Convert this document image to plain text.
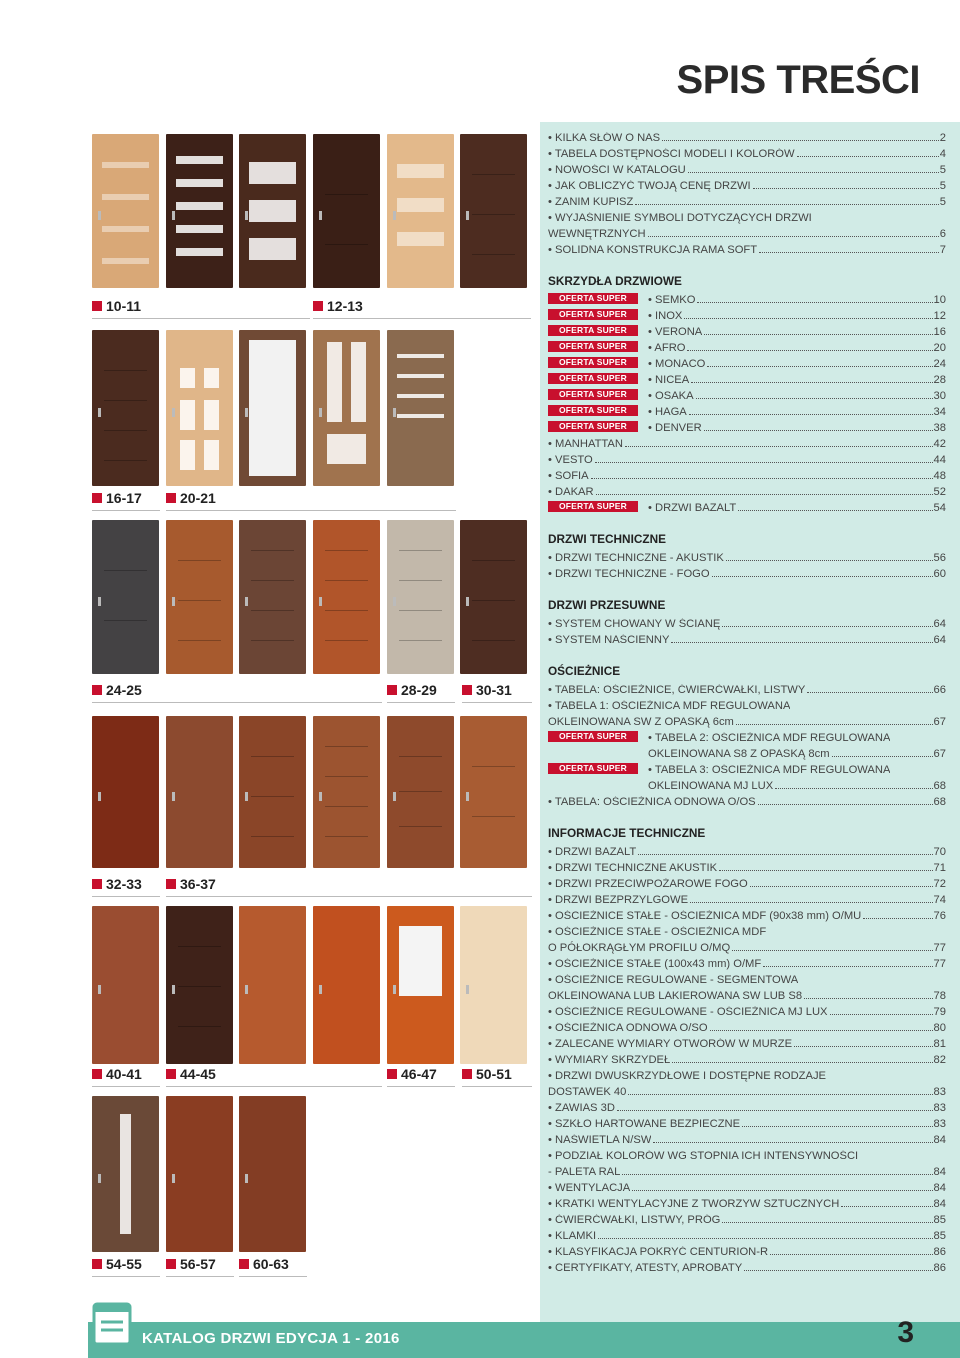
SPIS TREŚCI
10-11	12-13
16-17	20-21
24-25	28-29	30-31
32-33	36-37
40-41	44-45	46-47	50-51
54-55	56-57	60-63
• KILKA SŁÓW O NAS	2
• TABELA DOSTĘPNOŚCI MODELI I KOLORÓW	4
• NOWOŚCI W KATALOGU	5
• JAK OBLICZYĆ TWOJĄ CENĘ DRZWI	5
• ZANIM KUPISZ	5
• WYJAŚNIENIE SYMBOLI DOTYCZĄCYCH DRZWI
WEWNĘTRZNYCH	6
• SOLIDNA KONSTRUKCJA RAMA SOFT	7
SKRZYDŁA DRZWIOWE
OFERTA SUPER	• SEMKO	10
OFERTA SUPER	• INOX	12
OFERTA SUPER	• VERONA	16
OFERTA SUPER	• AFRO	20
OFERTA SUPER	• MONACO	24
OFERTA SUPER	• NICEA	28
OFERTA SUPER	• OSAKA	30
OFERTA SUPER	• HAGA	34
OFERTA SUPER	• DENVER	38
• MANHATTAN	42
• VESTO	44
• SOFIA	48
• DAKAR	52
OFERTA SUPER	• DRZWI BAZALT	54
DRZWI TECHNICZNE
• DRZWI TECHNICZNE - AKUSTIK	56
• DRZWI TECHNICZNE - FOGO	60
DRZWI PRZESUWNE
• SYSTEM CHOWANY W ŚCIANĘ	64
• SYSTEM NAŚCIENNY	64
OŚCIEŻNICE
• TABELA: OŚCIEŻNICE, ĆWIERĆWAŁKI, LISTWY	66
• TABELA 1: OŚCIEŻNICA MDF REGULOWANA
OKLEINOWANA SW Z OPASKĄ 6cm	67
OFERTA SUPER	• TABELA 2: OŚCIEŻNICA MDF REGULOWANA
OKLEINOWANA S8 Z OPASKĄ 8cm	67
OFERTA SUPER	• TABELA 3: OŚCIEŻNICA MDF REGULOWANA
OKLEINOWANA MJ LUX	68
• TABELA: OŚCIEŻNICA ODNOWA O/OS	68
INFORMACJE TECHNICZNE
• DRZWI BAZALT	70
• DRZWI TECHNICZNE AKUSTIK	71
• DRZWI PRZECIWPOŻAROWE FOGO	72
• DRZWI BEZPRZYLGOWE	74
• OŚCIEŻNICE STAŁE - OŚCIEŻNICA MDF (90x38 mm) O/MU	76
• OŚCIEŻNICE STAŁE - OŚCIEŻNICA MDF
O PÓŁOKRĄGŁYM PROFILU O/MQ	77
• OŚCIEŻNICE STAŁE (100x43 mm) O/MF	77
• OŚCIEŻNICE REGULOWANE - SEGMENTOWA
OKLEINOWANA LUB LAKIEROWANA SW LUB S8	78
• OŚCIEŻNICE REGULOWANE - OŚCIEŻNICA MJ LUX	79
• OŚCIEŻNICA ODNOWA O/SO	80
• ZALECANE WYMIARY OTWORÓW W MURZE	81
• WYMIARY SKRZYDEŁ	82
• DRZWI DWUSKRZYDŁOWE I DOSTĘPNE RODZAJE
DOSTAWEK 40	83
• ZAWIAS 3D	83
• SZKŁO HARTOWANE BEZPIECZNE	83
• NAŚWIETLA N/SW	84
• PODZIAŁ KOLORÓW WG STOPNIA ICH INTENSYWNOŚCI
- PALETA RAL	84
• WENTYLACJA	84
• KRATKI WENTYLACYJNE Z TWORZYW SZTUCZNYCH	84
• ĆWIERĆWAŁKI, LISTWY, PRÓG	85
• KLAMKI	85
• KLASYFIKACJA POKRYĆ CENTURION-R	86
• CERTYFIKATY, ATESTY, APROBATY	86
KATALOG DRZWI EDYCJA 1 - 2016	3
